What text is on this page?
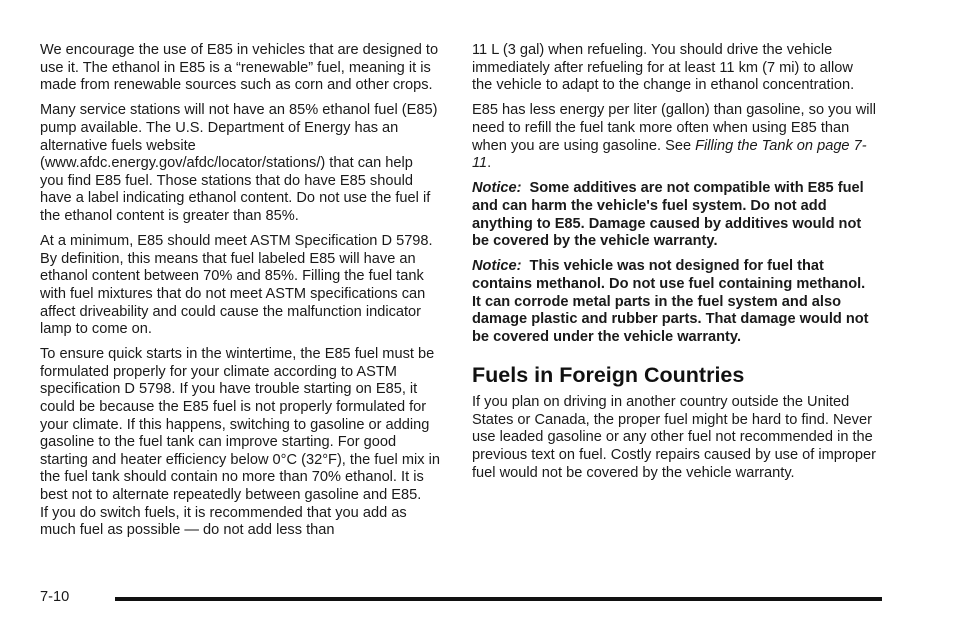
We encourage the use of E85 in vehicles that are designed to use it. The ethanol in E85 is a “renewable” fuel, meaning it is made from renewable sources such as corn and other crops.

Many service stations will not have an 85% ethanol fuel (E85) pump available. The U.S. Department of Energy has an alternative fuels website (www.afdc.energy.gov/afdc/locator/stations/) that can help you find E85 fuel. Those stations that do have E85 should have a label indicating ethanol content. Do not use the fuel if the ethanol content is greater than 85%.

At a minimum, E85 should meet ASTM Specification D 5798. By definition, this means that fuel labeled E85 will have an ethanol content between 70% and 85%. Filling the fuel tank with fuel mixtures that do not meet ASTM specifications can affect driveability and could cause the malfunction indicator lamp to come on.

To ensure quick starts in the wintertime, the E85 fuel must be formulated properly for your climate according to ASTM specification D 5798. If you have trouble starting on E85, it could be because the E85 fuel is not properly formulated for your climate. If this happens, switching to gasoline or adding gasoline to the fuel tank can improve starting. For good starting and heater efficiency below 0°C (32°F), the fuel mix in the fuel tank should contain no more than 70% ethanol. It is best not to alternate repeatedly between gasoline and E85.

If you do switch fuels, it is recommended that you add as much fuel as possible — do not add less than

11 L (3 gal) when refueling. You should drive the vehicle immediately after refueling for at least 11 km (7 mi) to allow the vehicle to adapt to the change in ethanol concentration.

E85 has less energy per liter (gallon) than gasoline, so you will need to refill the fuel tank more often when using E85 than when you are using gasoline. See Filling the Tank on page 7-11.

Notice: Some additives are not compatible with E85 fuel and can harm the vehicle's fuel system. Do not add anything to E85. Damage caused by additives would not be covered by the vehicle warranty.

Notice: This vehicle was not designed for fuel that contains methanol. Do not use fuel containing methanol. It can corrode metal parts in the fuel system and also damage plastic and rubber parts. That damage would not be covered under the vehicle warranty.

Fuels in Foreign Countries

If you plan on driving in another country outside the United States or Canada, the proper fuel might be hard to find. Never use leaded gasoline or any other fuel not recommended in the previous text on fuel. Costly repairs caused by use of improper fuel would not be covered by the vehicle warranty.

7-10
